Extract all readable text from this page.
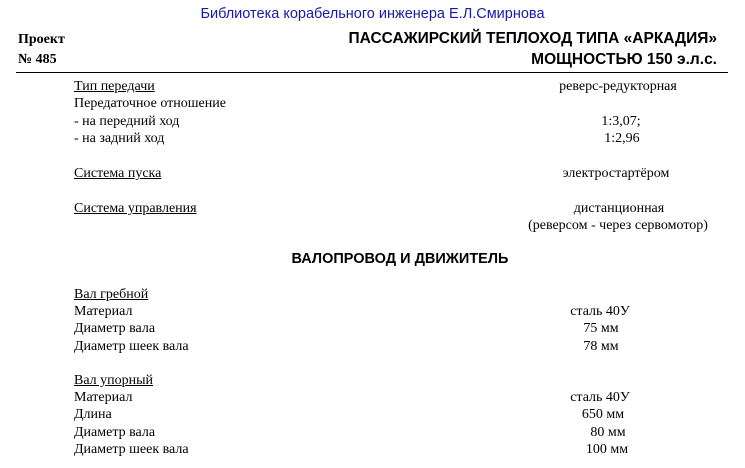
Библиотека корабельного инженера Е.Л.Смирнова
Проект
№ 485
ПАССАЖИРСКИЙ ТЕПЛОХОД ТИПА «АРКАДИЯ»
МОЩНОСТЬЮ 150 э.л.с.
Тип передачи	реверс-редукторная
Передаточное отношение
- на передний ход	1:3,07;
- на задний ход	1:2,96
Система пуска	электростартёром
Система управления	дистанционная
(реверсом - через сервомотор)
ВАЛОПРОВОД И ДВИЖИТЕЛЬ
Вал гребной
Материал	сталь 40У
Диаметр вала	75 мм
Диаметр шеек вала	78 мм
Вал упорный
Материал	сталь 40У
Длина	650 мм
Диаметр вала	80 мм
Диаметр шеек вала	100 мм
